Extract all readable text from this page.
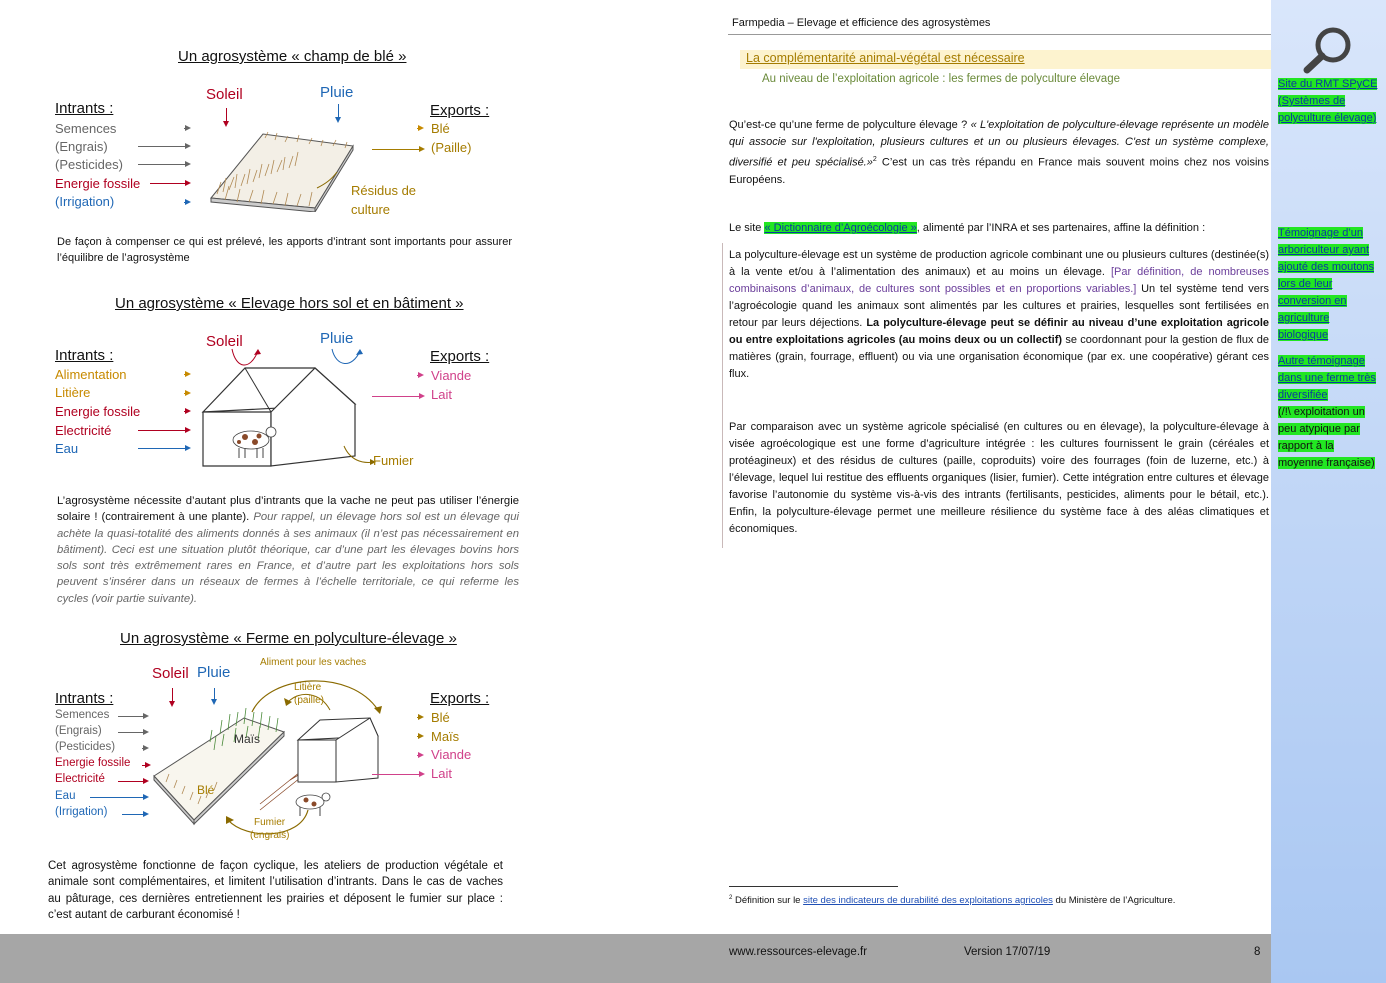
Un agrosystème « champ de blé »
Soleil	Pluie
Intrants :
Semences
(Engrais)
(Pesticides)
Energie fossile
(Irrigation)
Résidus de culture
Exports :
Blé
(Paille)
De façon à compenser ce qui est prélevé, les apports d’intrant sont importants pour assurer l’équilibre de l’agrosystème
Un agrosystème « Elevage hors sol et en bâtiment »
Soleil	Pluie
Intrants :
Alimentation
Litière
Energie fossile
Electricité
Eau
Fumier
Exports :
Viande
Lait
L’agrosystème nécessite d’autant plus d’intrants que la vache ne peut pas utiliser l’énergie solaire ! (contrairement à une plante). Pour rappel, un élevage hors sol est un élevage qui achète la quasi-totalité des aliments donnés à ses animaux (il n’est pas nécessairement en bâtiment). Ceci est une situation plutôt théorique, car d’une part les élevages bovins hors sols sont très extrêmement rares en France, et d’autre part les exploitations hors sols peuvent s’insérer dans un réseaux de fermes à l’échelle territoriale, ce qui referme les cycles (voir partie suivante).
Un agrosystème « Ferme en polyculture-élevage »
Soleil Pluie
Intrants :
Semences
(Engrais)
(Pesticides)
Energie fossile
Electricité
Eau
(Irrigation)
Aliment pour les vaches
Litière
(paille)
Maïs
Blé
Fumier
(engrais)
Exports :
Blé
Maïs
Viande
Lait
Cet agrosystème fonctionne de façon cyclique, les ateliers de production végétale et animale sont complémentaires, et limitent l’utilisation d’intrants. Dans le cas de vaches au pâturage, ces dernières entretiennent les prairies et déposent le fumier sur place : c’est autant de carburant économisé !
Farmpedia – Elevage et efficience des agrosystèmes
La complémentarité animal-végétal est nécessaire
Au niveau de l’exploitation agricole : les fermes de polyculture élevage
Qu’est-ce qu’une ferme de polyculture élevage ? « L'exploitation de polyculture-élevage représente un modèle qui associe sur l'exploitation, plusieurs cultures et un ou plusieurs élevages. C'est un système complexe, diversifié et peu spécialisé.»$^2$ C’est un cas très répandu en France mais souvent moins chez nos voisins Européens.
Le site « Dictionnaire d’Agroécologie », alimenté par l’INRA et ses partenaires, affine la définition :
La polyculture-élevage est un système de production agricole combinant une ou plusieurs cultures (destinée(s) à la vente et/ou à l’alimentation des animaux) et au moins un élevage. [Par définition, de nombreuses combinaisons d’animaux, de cultures sont possibles et en proportions variables.] Un tel système tend vers l’agroécologie quand les animaux sont alimentés par les cultures et prairies, lesquelles sont fertilisées en retour par leurs déjections. La polyculture-élevage peut se définir au niveau d’une exploitation agricole ou entre exploitations agricoles (au moins deux ou un collectif) se coordonnant pour la gestion de flux de matières (grain, fourrage, effluent) ou via une organisation économique (par ex. une coopérative) gérant ces flux.
Par comparaison avec un système agricole spécialisé (en cultures ou en élevage), la polyculture-élevage à visée agroécologique est une forme d’agriculture intégrée : les cultures fournissent le grain (céréales et protéagineux) et des résidus de cultures (paille, coproduits) voire des fourrages (foin de luzerne, etc.) à l’élevage, lequel lui restitue des effluents organiques (lisier, fumier). Cette intégration entre cultures et élevage favorise l’autonomie du système vis-à-vis des intrants (fertilisants, pesticides, aliments pour le bétail, etc.). Enfin, la polyculture-élevage permet une meilleure résilience du système face à des aléas climatiques et économiques.
$^2$ Définition sur le site des indicateurs de durabilité des exploitations agricoles du Ministère de l’Agriculture.
www.ressources-elevage.fr	Version 17/07/19	8
Site du RMT SPyCE (Systèmes de polyculture élevage)
Témoignage d’un arboriculteur ayant ajouté des moutons lors de leur conversion en agriculture biologique
Autre témoignage dans une ferme très diversifiée
(/!\ exploitation un peu atypique par rapport à la moyenne française)
